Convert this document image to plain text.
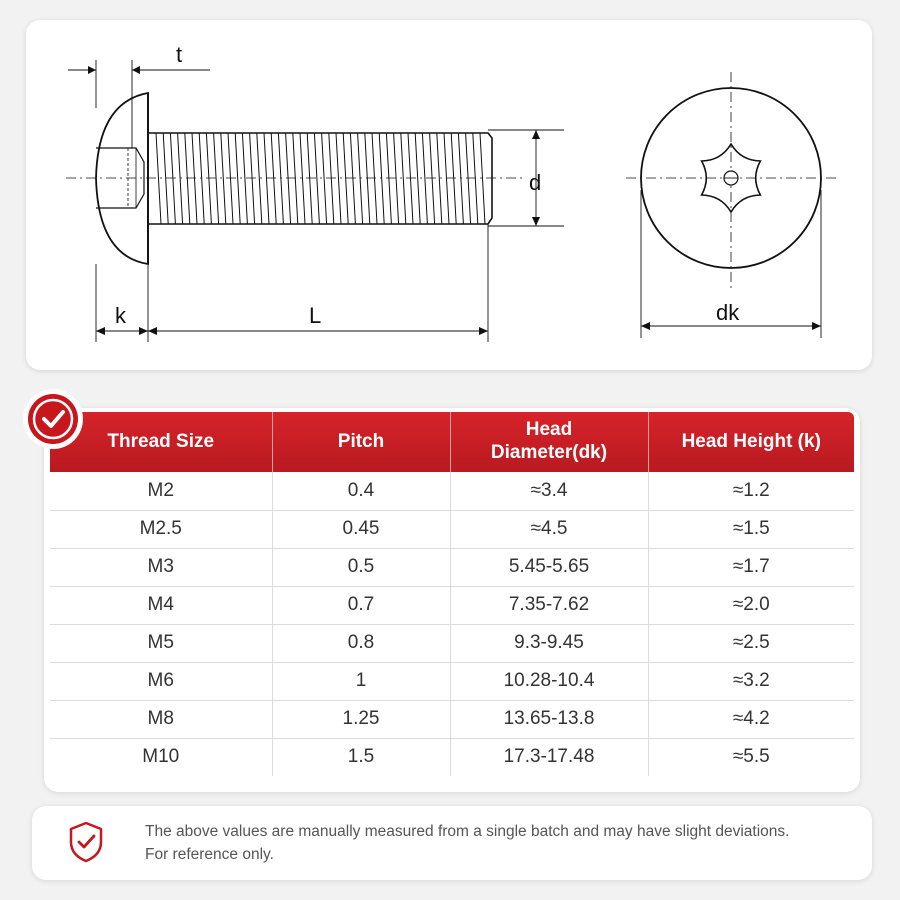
t
d
k	L	dk
Thread Size	Pitch	Head Diameter(dk)	Head Height (k)
M2	0.4	≈3.4	≈1.2
M2.5	0.45	≈4.5	≈1.5
M3	0.5	5.45-5.65	≈1.7
M4	0.7	7.35-7.62	≈2.0
M5	0.8	9.3-9.45	≈2.5
M6	1	10.28-10.4	≈3.2
M8	1.25	13.65-13.8	≈4.2
M10	1.5	17.3-17.48	≈5.5
The above values are manually measured from a single batch and may have slight deviations.
For reference only.
